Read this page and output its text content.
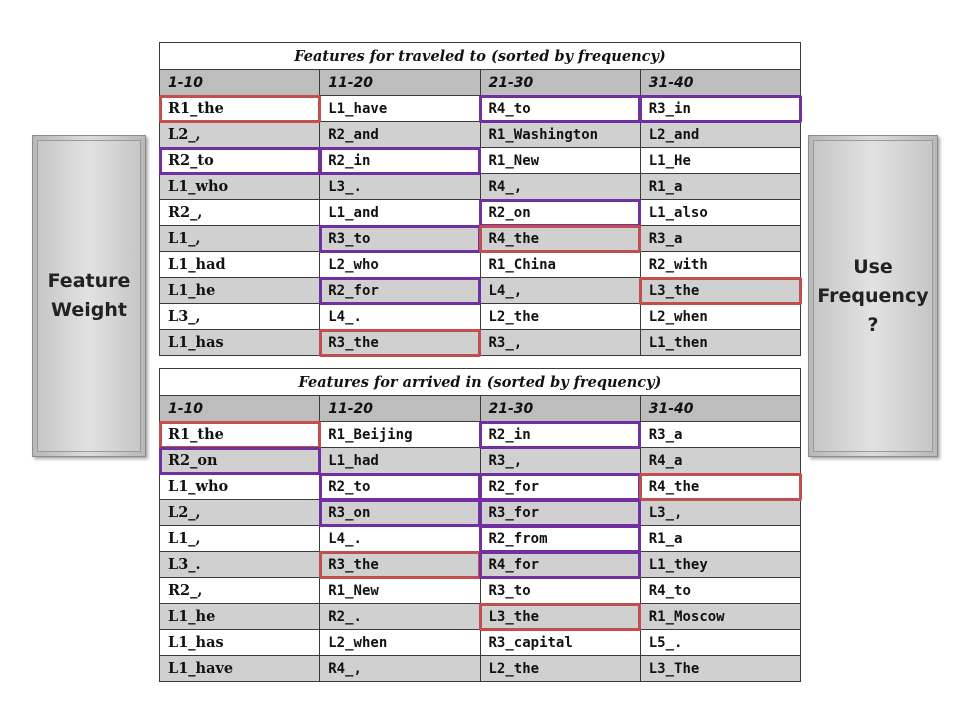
Feature
Weight
Use
Frequency
?
Features for traveled to (sorted by frequency)			
1-10	11-20	21-30	31-40
R1_the	L1_have	R4_to	R3_in
L2_,	R2_and	R1_Washington	L2_and
R2_to	R2_in	R1_New	L1_He
L1_who	L3_.	R4_,	R1_a
R2_,	L1_and	R2_on	L1_also
L1_,	R3_to	R4_the	R3_a
L1_had	L2_who	R1_China	R2_with
L1_he	R2_for	L4_,	L3_the
L3_,	L4_.	L2_the	L2_when
L1_has	R3_the	R3_,	L1_then
Features for arrived in (sorted by frequency)			
1-10	11-20	21-30	31-40
R1_the	R1_Beijing	R2_in	R3_a
R2_on	L1_had	R3_,	R4_a
L1_who	R2_to	R2_for	R4_the
L2_,	R3_on	R3_for	L3_,
L1_,	L4_.	R2_from	R1_a
L3_.	R3_the	R4_for	L1_they
R2_,	R1_New	R3_to	R4_to
L1_he	R2_.	L3_the	R1_Moscow
L1_has	L2_when	R3_capital	L5_.
L1_have	R4_,	L2_the	L3_The
